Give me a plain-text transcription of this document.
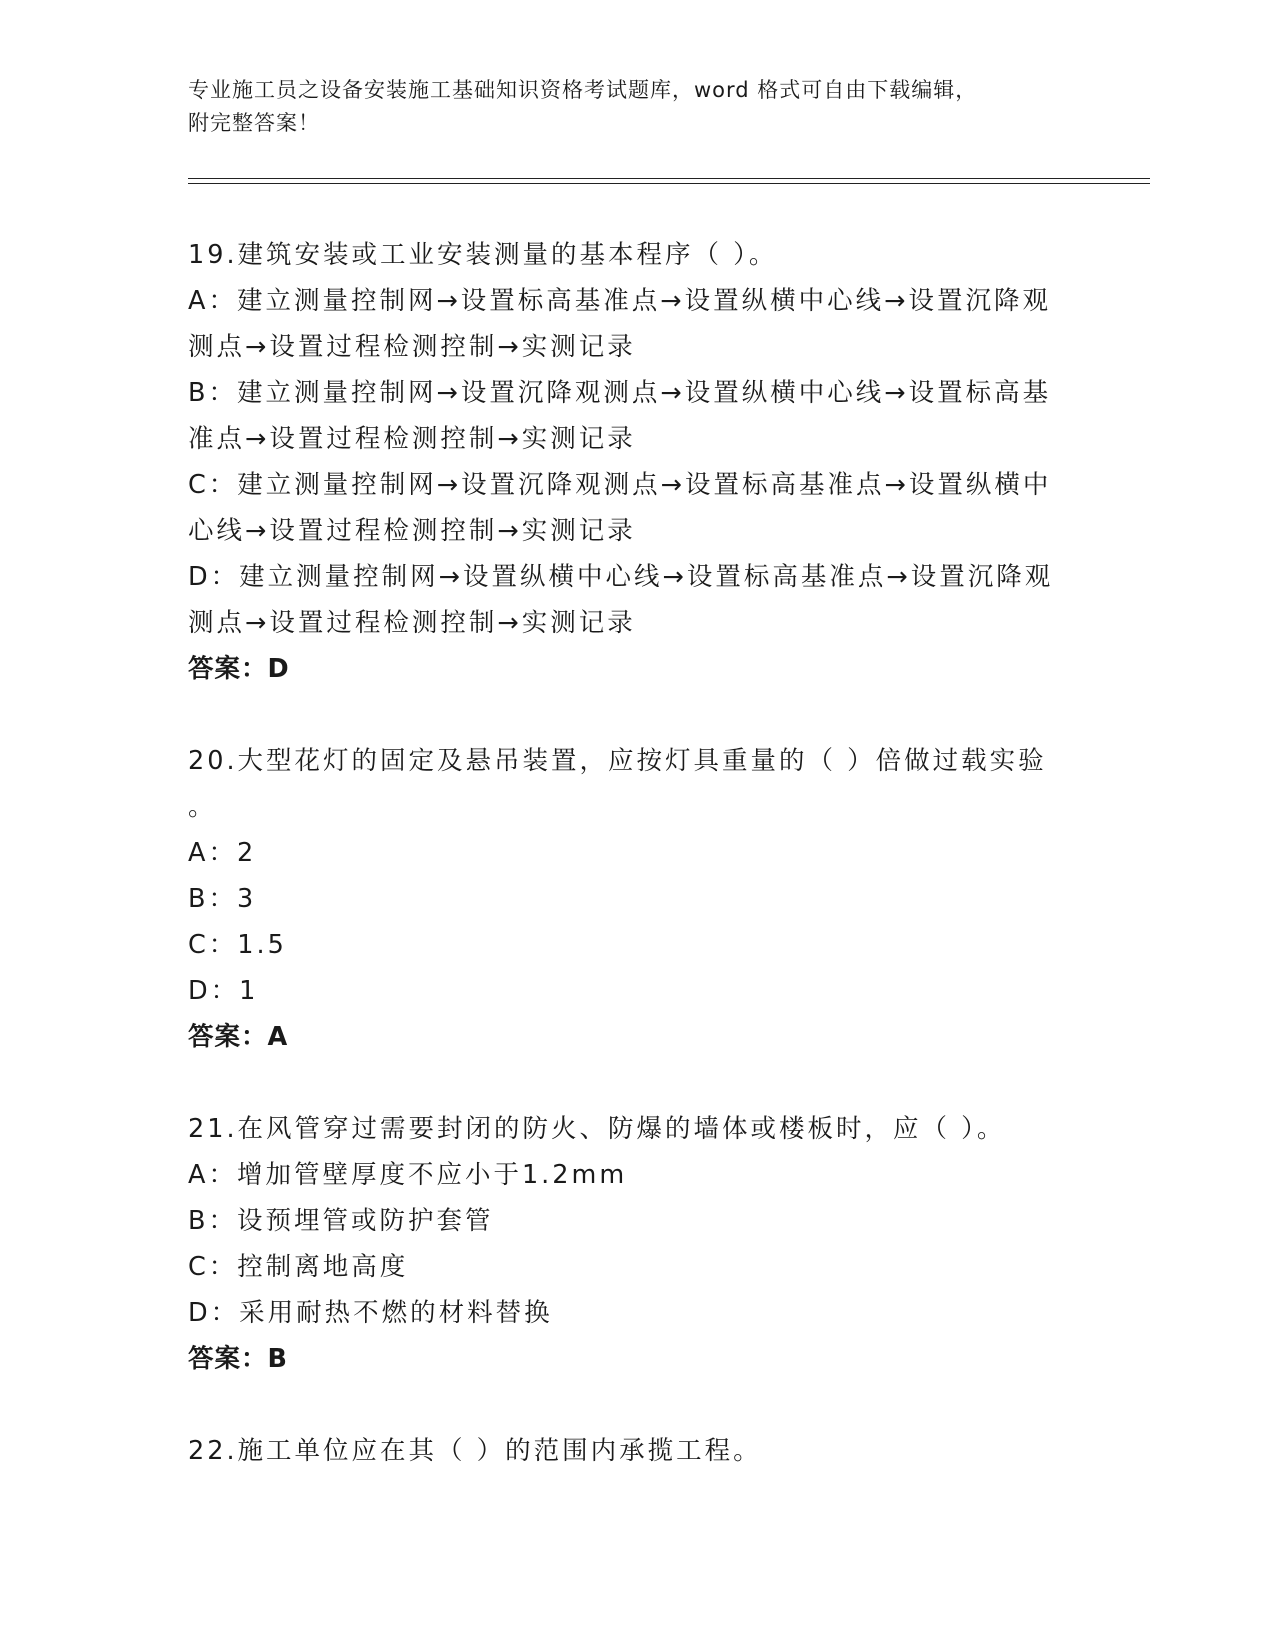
专业施工员之设备安装施工基础知识资格考试题库，word 格式可自由下载编辑，
附完整答案！
19.建筑安装或工业安装测量的基本程序（ ）。
A：建立测量控制网→设置标高基准点→设置纵横中心线→设置沉降观
测点→设置过程检测控制→实测记录
B：建立测量控制网→设置沉降观测点→设置纵横中心线→设置标高基
准点→设置过程检测控制→实测记录
C：建立测量控制网→设置沉降观测点→设置标高基准点→设置纵横中
心线→设置过程检测控制→实测记录
D：建立测量控制网→设置纵横中心线→设置标高基准点→设置沉降观
测点→设置过程检测控制→实测记录
答案：D
20.大型花灯的固定及悬吊装置，应按灯具重量的（ ）倍做过载实验
。
A：2
B：3
C：1.5
D：1
答案：A
21.在风管穿过需要封闭的防火、防爆的墙体或楼板时，应（ ）。
A：增加管壁厚度不应小于1.2mm
B：设预埋管或防护套管
C：控制离地高度
D：采用耐热不燃的材料替换
答案：B
22.施工单位应在其（ ）的范围内承揽工程。
